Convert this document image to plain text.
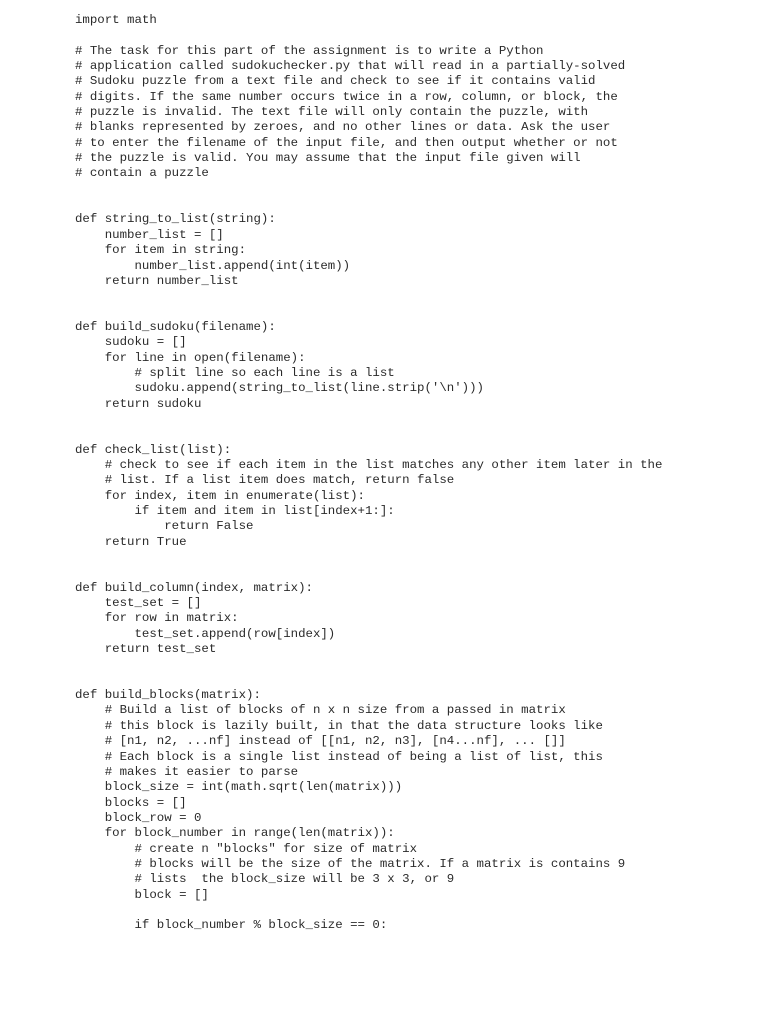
import math
# The task for this part of the assignment is to write a Python
# application called sudokuchecker.py that will read in a partially-solved
# Sudoku puzzle from a text file and check to see if it contains valid
# digits. If the same number occurs twice in a row, column, or block, the
# puzzle is invalid. The text file will only contain the puzzle, with
# blanks represented by zeroes, and no other lines or data. Ask the user
# to enter the filename of the input file, and then output whether or not
# the puzzle is valid. You may assume that the input file given will
# contain a puzzle
def string_to_list(string):
number_list = []
for item in string:
number_list.append(int(item))
return number_list
def build_sudoku(filename):
sudoku = []
for line in open(filename):
# split line so each line is a list
sudoku.append(string_to_list(line.strip('\n')))
return sudoku
def check_list(list):
# check to see if each item in the list matches any other item later in the
# list. If a list item does match, return false
for index, item in enumerate(list):
if item and item in list[index+1:]:
return False
return True
def build_column(index, matrix):
test_set = []
for row in matrix:
test_set.append(row[index])
return test_set
def build_blocks(matrix):
# Build a list of blocks of n x n size from a passed in matrix
# this block is lazily built, in that the data structure looks like
# [n1, n2, ...nf] instead of [[n1, n2, n3], [n4...nf], ... []]
# Each block is a single list instead of being a list of list, this
# makes it easier to parse
block_size = int(math.sqrt(len(matrix)))
blocks = []
block_row = 0
for block_number in range(len(matrix)):
# create n "blocks" for size of matrix
# blocks will be the size of the matrix. If a matrix is contains 9
# lists  the block_size will be 3 x 3, or 9
block = []
if block_number % block_size == 0:
